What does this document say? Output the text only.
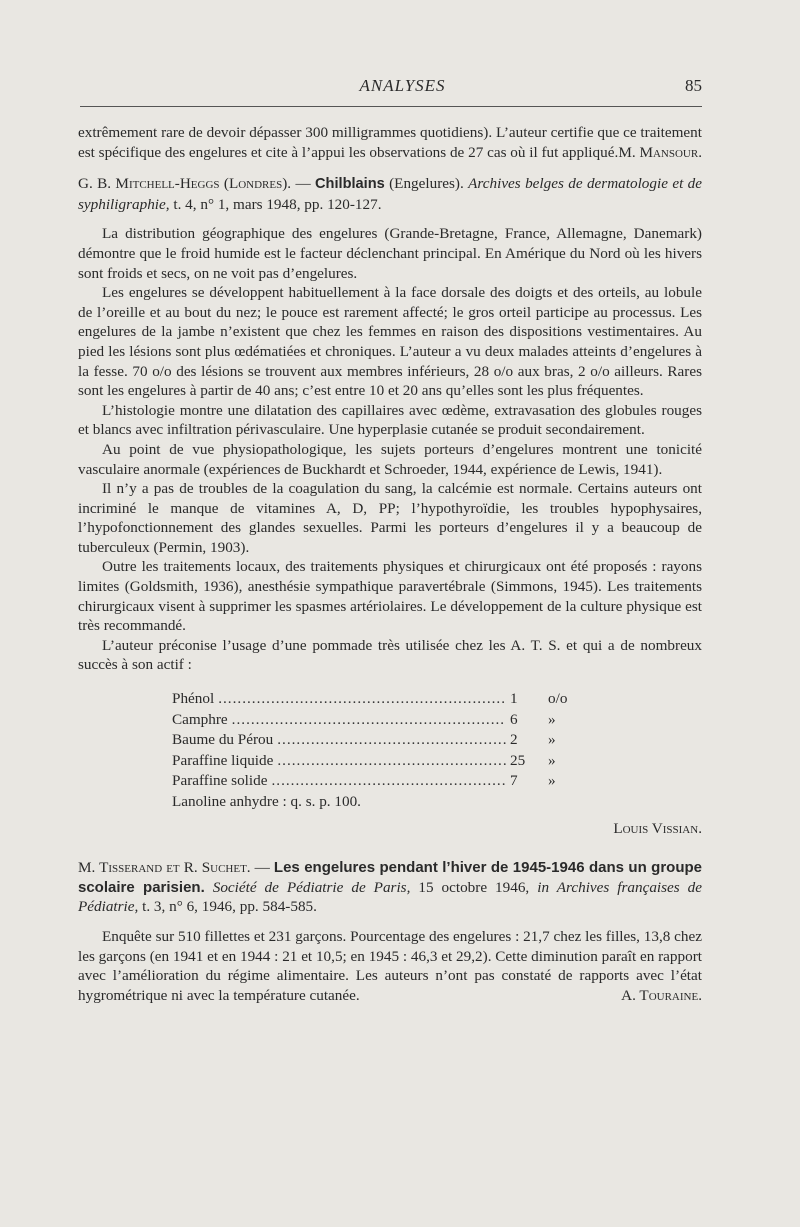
ANALYSES	85

extrêmement rare de devoir dépasser 300 milligrammes quotidiens). L’auteur certifie que ce traitement est spécifique des engelures et cite à l’appui les observations de 27 cas où il fut appliqué. M. Mansour.

G. B. Mitchell-Heggs (Londres). — Chilblains (Engelures). Archives belges de dermatologie et de syphiligraphie, t. 4, n° 1, mars 1948, pp. 120-127.

La distribution géographique des engelures (Grande-Bretagne, France, Allemagne, Danemark) démontre que le froid humide est le facteur déclenchant principal. En Amérique du Nord où les hivers sont froids et secs, on ne voit pas d’engelures.

Les engelures se développent habituellement à la face dorsale des doigts et des orteils, au lobule de l’oreille et au bout du nez; le pouce est rarement affecté; le gros orteil participe au processus. Les engelures de la jambe n’existent que chez les femmes en raison des dispositions vestimentaires. Au pied les lésions sont plus œdématiées et chroniques. L’auteur a vu deux malades atteints d’engelures à la fesse. 70 o/o des lésions se trouvent aux membres inférieurs, 28 o/o aux bras, 2 o/o ailleurs. Rares sont les engelures à partir de 40 ans; c’est entre 10 et 20 ans qu’elles sont les plus fréquentes.

L’histologie montre une dilatation des capillaires avec œdème, extravasation des globules rouges et blancs avec infiltration périvasculaire. Une hyperplasie cutanée se produit secondairement.

Au point de vue physiopathologique, les sujets porteurs d’engelures montrent une tonicité vasculaire anormale (expériences de Buckhardt et Schroeder, 1944, expérience de Lewis, 1941).

Il n’y a pas de troubles de la coagulation du sang, la calcémie est normale. Certains auteurs ont incriminé le manque de vitamines A, D, PP; l’hypothyroïdie, les troubles hypophysaires, l’hypofonctionnement des glandes sexuelles. Parmi les porteurs d’engelures il y a beaucoup de tuberculeux (Permin, 1903).

Outre les traitements locaux, des traitements physiques et chirurgicaux ont été proposés : rayons limites (Goldsmith, 1936), anesthésie sympathique paravertébrale (Simmons, 1945). Les traitements chirurgicaux visent à supprimer les spasmes artériolaires. Le développement de la culture physique est très recommandé.

L’auteur préconise l’usage d’une pommade très utilisée chez les A. T. S. et qui a de nombreux succès à son actif :

Phénol .....	1	o/o
Camphre .....	6	»
Baume du Pérou .....	2	»
Paraffine liquide .....	25	»
Paraffine solide .....	7	»
Lanoline anhydre : q. s. p. 100.
Louis Vissian.

M. Tisserand et R. Suchet. — Les engelures pendant l’hiver de 1945-1946 dans un groupe scolaire parisien. Société de Pédiatrie de Paris, 15 octobre 1946, in Archives françaises de Pédiatrie, t. 3, n° 6, 1946, pp. 584-585.

Enquête sur 510 fillettes et 231 garçons. Pourcentage des engelures : 21,7 chez les filles, 13,8 chez les garçons (en 1941 et en 1944 : 21 et 10,5; en 1945 : 46,3 et 29,2). Cette diminution paraît en rapport avec l’amélioration du régime alimentaire. Les auteurs n’ont pas constaté de rapports avec l’état hygrométrique ni avec la température cutanée.	A. Touraine.
